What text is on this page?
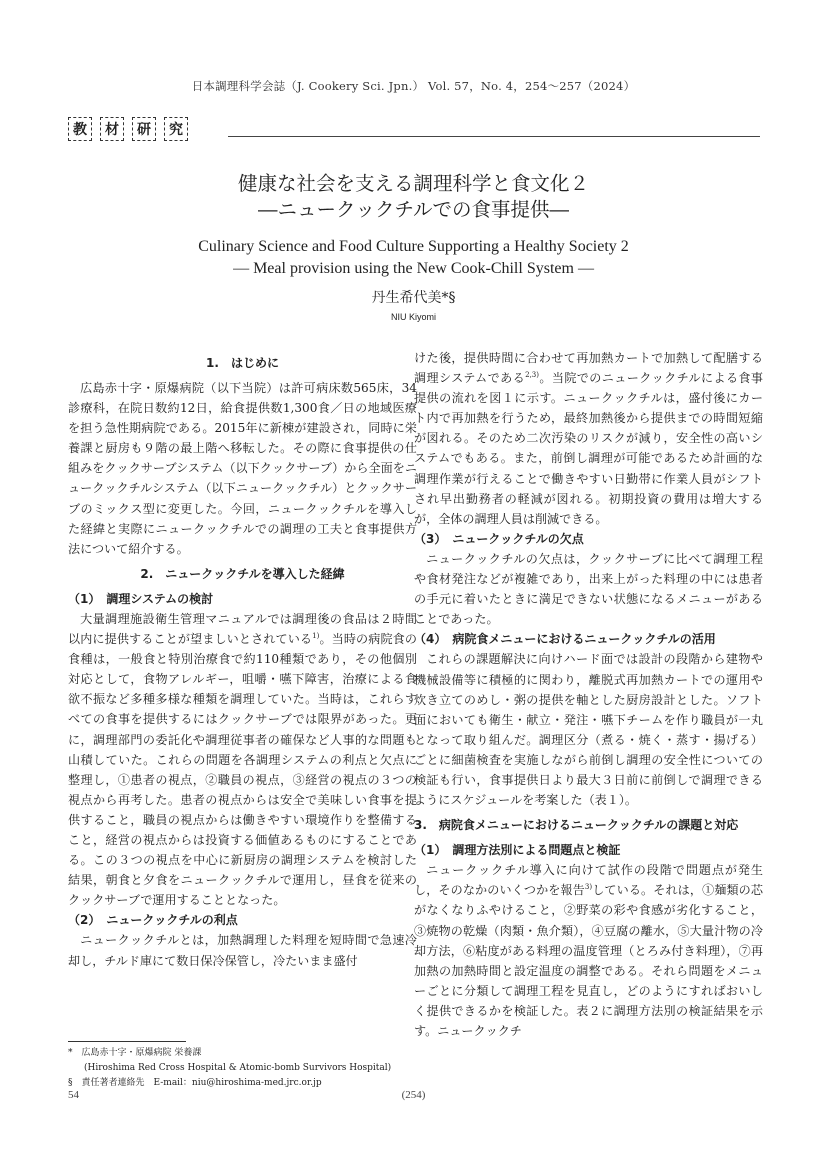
日本調理科学会誌（J. Cookery Sci. Jpn.） Vol. 57，No. 4，254～257（2024）
教	材	研	究
健康な社会を支える調理科学と食文化２
―ニュークックチルでの食事提供―
Culinary Science and Food Culture Supporting a Healthy Society 2
― Meal provision using the New Cook-Chill System ―
丹生希代美*§
NIU Kiyomi
1.　はじめに
広島赤十字・原爆病院（以下当院）は許可病床数565床，34診療科，在院日数約12日，給食提供数1,300食／日の地域医療を担う急性期病院である。2015年に新棟が建設され，同時に栄養課と厨房も９階の最上階へ移転した。その際に食事提供の仕組みをクックサーブシステム（以下クックサーブ）から全面をニュークックチルシステム（以下ニュークックチル）とクックサーブのミックス型に変更した。今回，ニュークックチルを導入した経緯と実際にニュークックチルでの調理の工夫と食事提供方法について紹介する。
2.　ニュークックチルを導入した経緯
（1）　調理システムの検討
大量調理施設衛生管理マニュアルでは調理後の食品は２時間以内に提供することが望ましいとされている$^{1)}$。当時の病院食の食種は，一般食と特別治療食で約110種類であり，その他個別対応として，食物アレルギー，咀嚼・嚥下障害，治療による食欲不振など多種多様な種類を調理していた。当時は，これらすべての食事を提供するにはクックサーブでは限界があった。更に，調理部門の委託化や調理従事者の確保など人事的な問題も山積していた。これらの問題を各調理システムの利点と欠点に整理し，①患者の視点，②職員の視点，③経営の視点の３つの視点から再考した。患者の視点からは安全で美味しい食事を提供すること，職員の視点からは働きやすい環境作りを整備すること，経営の視点からは投資する価値あるものにすることである。この３つの視点を中心に新厨房の調理システムを検討した結果，朝食と夕食をニュークックチルで運用し，昼食を従来のクックサーブで運用することとなった。
（2）　ニュークックチルの利点
ニュークックチルとは，加熱調理した料理を短時間で急速冷却し，チルド庫にて数日保冷保管し，冷たいまま盛付
けた後，提供時間に合わせて再加熱カートで加熱して配膳する調理システムである$^{2,3)}$。当院でのニュークックチルによる食事提供の流れを図１に示す。ニュークックチルは，盛付後にカート内で再加熱を行うため，最終加熱後から提供までの時間短縮が図れる。そのため二次汚染のリスクが減り，安全性の高いシステムでもある。また，前倒し調理が可能であるため計画的な調理作業が行えることで働きやすい日勤帯に作業人員がシフトされ早出勤務者の軽減が図れる。初期投資の費用は増大するが，全体の調理人員は削減できる。
（3）　ニュークックチルの欠点
ニュークックチルの欠点は，クックサーブに比べて調理工程や食材発注などが複雑であり，出来上がった料理の中には患者の手元に着いたときに満足できない状態になるメニューがあることであった。
（4）　病院食メニューにおけるニュークックチルの活用
これらの課題解決に向けハード面では設計の段階から建物や機械設備等に積極的に関わり，離脱式再加熱カートでの運用や炊き立てのめし・粥の提供を軸とした厨房設計とした。ソフト面においても衛生・献立・発注・嚥下チームを作り職員が一丸となって取り組んだ。調理区分（煮る・焼く・蒸す・揚げる）ごとに細菌検査を実施しながら前倒し調理の安全性についての検証も行い，食事提供日より最大３日前に前倒しで調理できるようにスケジュールを考案した（表１）。
3.　病院食メニューにおけるニュークックチルの課題と対応
（1）　調理方法別による問題点と検証
ニュークックチル導入に向けて試作の段階で問題点が発生し，そのなかのいくつかを報告$^{3)}$している。それは，①麺類の芯がなくなりふやけること，②野菜の彩や食感が劣化すること，③焼物の乾燥（肉類・魚介類），④豆腐の離水，⑤大量汁物の冷却方法，⑥粘度がある料理の温度管理（とろみ付き料理），⑦再加熱の加熱時間と設定温度の調整である。それら問題をメニューごとに分類して調理工程を見直し，どのようにすればおいしく提供できるかを検証した。表２に調理方法別の検証結果を示す。ニュークックチ
*　広島赤十字・原爆病院 栄養課
(Hiroshima Red Cross Hospital & Atomic-bomb Survivors Hospital)
§　責任著者連絡先　E-mail：niu@hiroshima-med.jrc.or.jp
54	(254)
